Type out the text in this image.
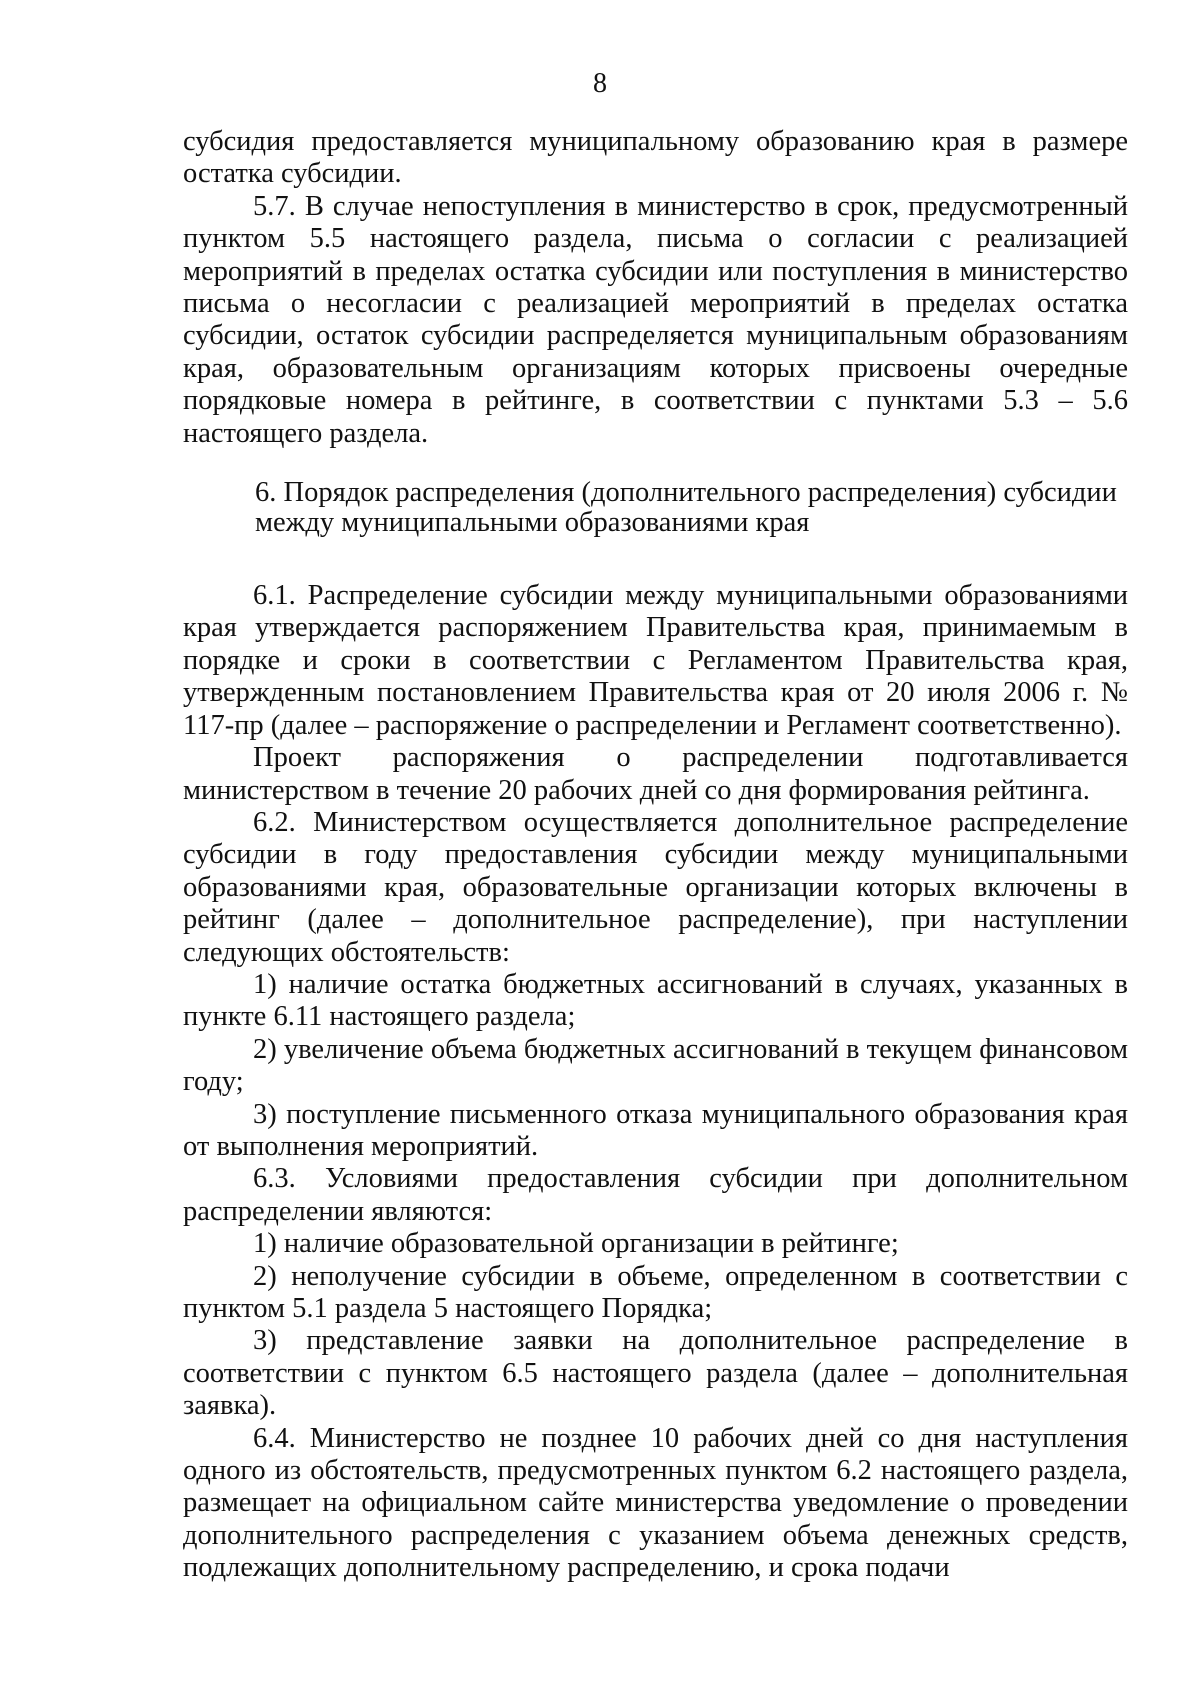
8

субсидия предоставляется муниципальному образованию края в размере остатка субсидии.

5.7. В случае непоступления в министерство в срок, предусмотренный пунктом 5.5 настоящего раздела, письма о согласии с реализацией мероприятий в пределах остатка субсидии или поступления в министерство письма о несогласии с реализацией мероприятий в пределах остатка субсидии, остаток субсидии распределяется муниципальным образованиям края, образовательным организациям которых присвоены очередные порядковые номера в рейтинге, в соответствии с пунктами 5.3 – 5.6 настоящего раздела.

6. Порядок распределения (дополнительного распределения) субсидии

между муниципальными образованиями края

6.1. Распределение субсидии между муниципальными образованиями края утверждается распоряжением Правительства края, принимаемым в порядке и сроки в соответствии с Регламентом Правительства края, утвержденным постановлением Правительства края от 20 июля 2006 г. № 117-пр (далее – распоряжение о распределении и Регламент соответственно).

Проект распоряжения о распределении подготавливается министерством в течение 20 рабочих дней со дня формирования рейтинга.

6.2. Министерством осуществляется дополнительное распределение субсидии в году предоставления субсидии между муниципальными образованиями края, образовательные организации которых включены в рейтинг (далее – дополнительное распределение), при наступлении следующих обстоятельств:

1) наличие остатка бюджетных ассигнований в случаях, указанных в пункте 6.11 настоящего раздела;

2) увеличение объема бюджетных ассигнований в текущем финансовом году;

3) поступление письменного отказа муниципального образования края от выполнения мероприятий.

6.3. Условиями предоставления субсидии при дополнительном распределении являются:

1) наличие образовательной организации в рейтинге;

2) неполучение субсидии в объеме, определенном в соответствии с пунктом 5.1 раздела 5 настоящего Порядка;

3) представление заявки на дополнительное распределение в соответствии с пунктом 6.5 настоящего раздела (далее – дополнительная заявка).

6.4. Министерство не позднее 10 рабочих дней со дня наступления одного из обстоятельств, предусмотренных пунктом 6.2 настоящего раздела, размещает на официальном сайте министерства уведомление о проведении дополнительного распределения с указанием объема денежных средств, подлежащих дополнительному распределению, и срока подачи
